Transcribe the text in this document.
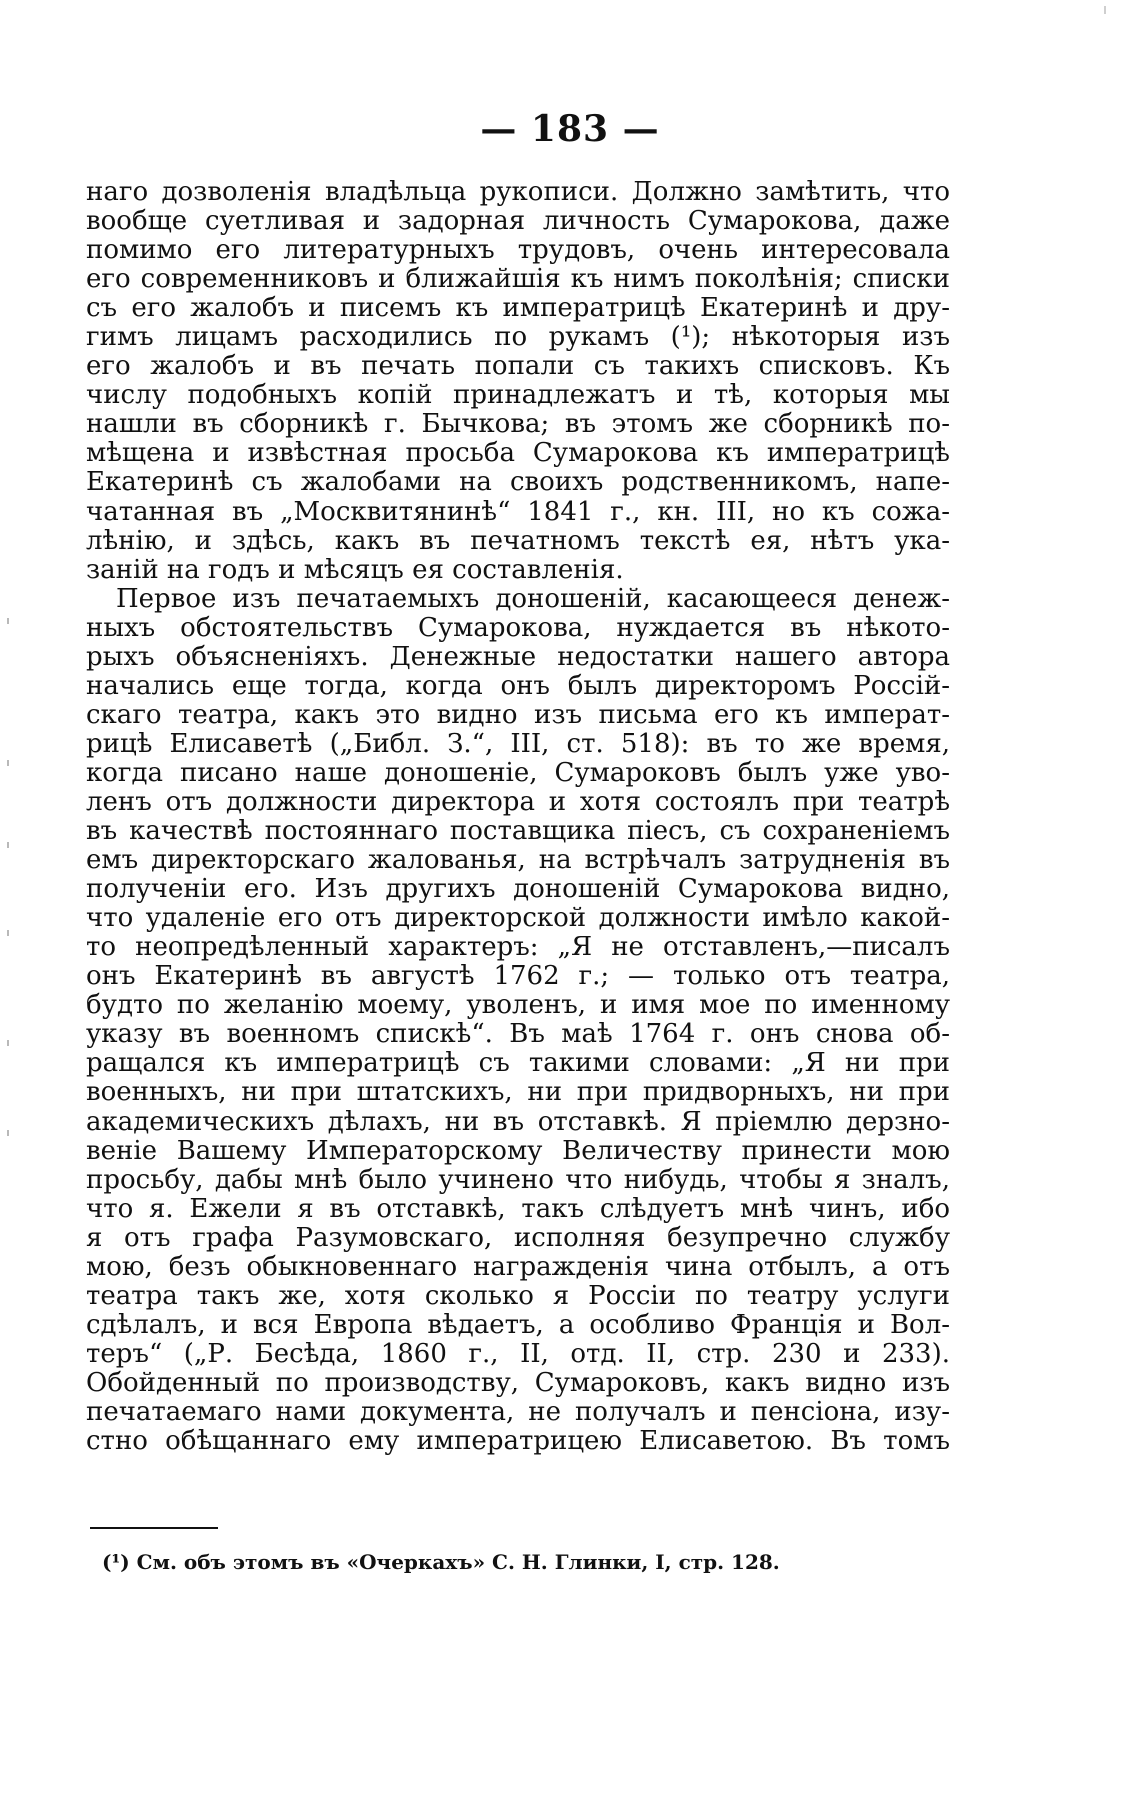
— 183 —
наго дозволенія владѣльца рукописи. Должно замѣтить, что
вообще суетливая и задорная личность Сумарокова, даже
помимо его литературныхъ трудовъ, очень интересовала
его современниковъ и ближайшія къ нимъ поколѣнія; списки
съ его жалобъ и писемъ къ императрицѣ Екатеринѣ и дру-
гимъ лицамъ расходились по рукамъ (¹); нѣкоторыя изъ
его жалобъ и въ печать попали съ такихъ списковъ. Къ
числу подобныхъ копій принадлежатъ и тѣ, которыя мы
нашли въ сборникѣ г. Бычкова; въ этомъ же сборникѣ по-
мѣщена и извѣстная просьба Сумарокова къ императрицѣ
Екатеринѣ съ жалобами на своихъ родственникомъ, напе-
чатанная въ „Москвитянинѣ“ 1841 г., кн. III, но къ сожа-
лѣнію, и здѣсь, какъ въ печатномъ текстѣ ея, нѣтъ ука-
заній на годъ и мѣсяцъ ея составленія.
Первое изъ печатаемыхъ доношеній, касающееся денеж-
ныхъ обстоятельствъ Сумарокова, нуждается въ нѣкото-
рыхъ объясненіяхъ. Денежные недостатки нашего автора
начались еще тогда, когда онъ былъ директоромъ Россій-
скаго театра, какъ это видно изъ письма его къ императ-
рицѣ Елисаветѣ („Библ. З.“, III, ст. 518): въ то же время,
когда писано наше доношеніе, Сумароковъ былъ уже уво-
ленъ отъ должности директора и хотя состоялъ при театрѣ
въ качествѣ постояннаго поставщика піесъ, съ сохраненіемъ
емъ директорскаго жалованья, на встрѣчалъ затрудненія въ
полученіи его. Изъ другихъ доношеній Сумарокова видно,
что удаленіе его отъ директорской должности имѣло какой-
то неопредѣленный характеръ: „Я не отставленъ,—писалъ
онъ Екатеринѣ въ августѣ 1762 г.; — только отъ театра,
будто по желанію моему, уволенъ, и имя мое по именному
указу въ военномъ спискѣ“. Въ маѣ 1764 г. онъ снова об-
ращался къ императрицѣ съ такими словами: „Я ни при
военныхъ, ни при штатскихъ, ни при придворныхъ, ни при
академическихъ дѣлахъ, ни въ отставкѣ. Я пріемлю дерзно-
веніе Вашему Императорскому Величеству принести мою
просьбу, дабы мнѣ было учинено что нибудь, чтобы я зналъ,
что я. Ежели я въ отставкѣ, такъ слѣдуетъ мнѣ чинъ, ибо
я отъ графа Разумовскаго, исполняя безупречно службу
мою, безъ обыкновеннаго награжденія чина отбылъ, а отъ
театра такъ же, хотя сколько я Россіи по театру услуги
сдѣлалъ, и вся Европа вѣдаетъ, а особливо Франція и Вол-
теръ“ („Р. Бесѣда, 1860 г., II, отд. II, стр. 230 и 233).
Обойденный по производству, Сумароковъ, какъ видно изъ
печатаемаго нами документа, не получалъ и пенсіона, изу-
стно обѣщаннаго ему императрицею Елисаветою. Въ томъ
(¹) См. объ этомъ въ «Очеркахъ» С. Н. Глинки, I, стр. 128.
